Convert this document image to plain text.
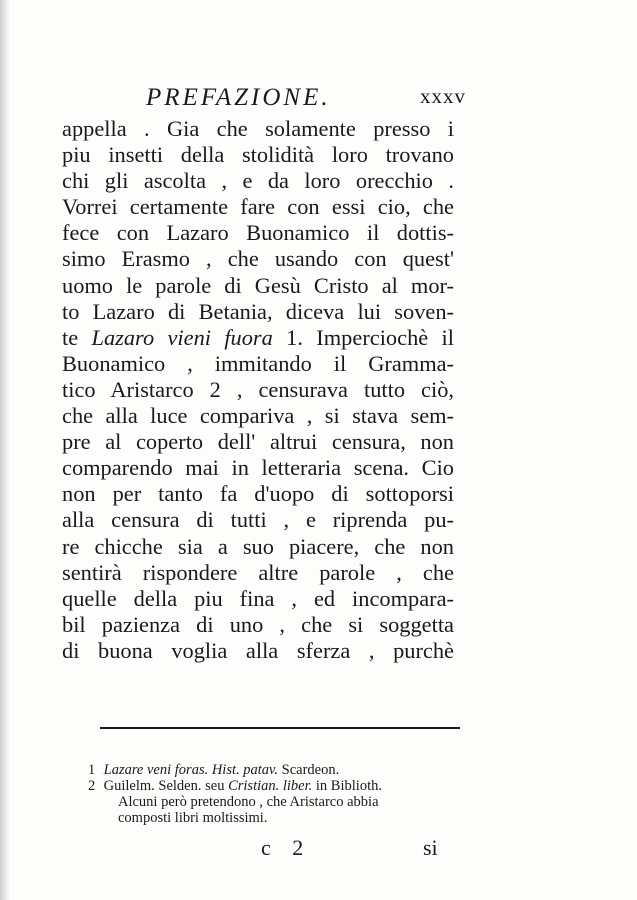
PREFAZIONE.	xxxv
appella . Gia che solamente presso i
piu insetti della stolidità loro trovano
chi gli ascolta , e da loro orecchio .
Vorrei certamente fare con essi cio, che
fece con Lazaro Buonamico il dottis-
simo Erasmo , che usando con quest'
uomo le parole di Gesù Cristo al mor-
to Lazaro di Betania, diceva lui soven-
te Lazaro vieni fuora 1. Imperciochè il
Buonamico , immitando il Gramma-
tico Aristarco 2 , censurava tutto ciò,
che alla luce compariva , si stava sem-
pre al coperto dell' altrui censura, non
comparendo mai in letteraria scena. Cio
non per tanto fa d'uopo di sottoporsi
alla censura di tutti , e riprenda pu-
re chicche sia a suo piacere, che non
sentirà rispondere altre parole , che
quelle della piu fina , ed incompara-
bil pazienza di uno , che si soggetta
di buona voglia alla sferza , purchè
1 Lazare veni foras. Hist. patav. Scardeon.
2 Guilelm. Selden. seu Cristian. liber. in Biblioth.
Alcuni però pretendono , che Aristarco abbia
composti libri moltissimi.
c 2	si
